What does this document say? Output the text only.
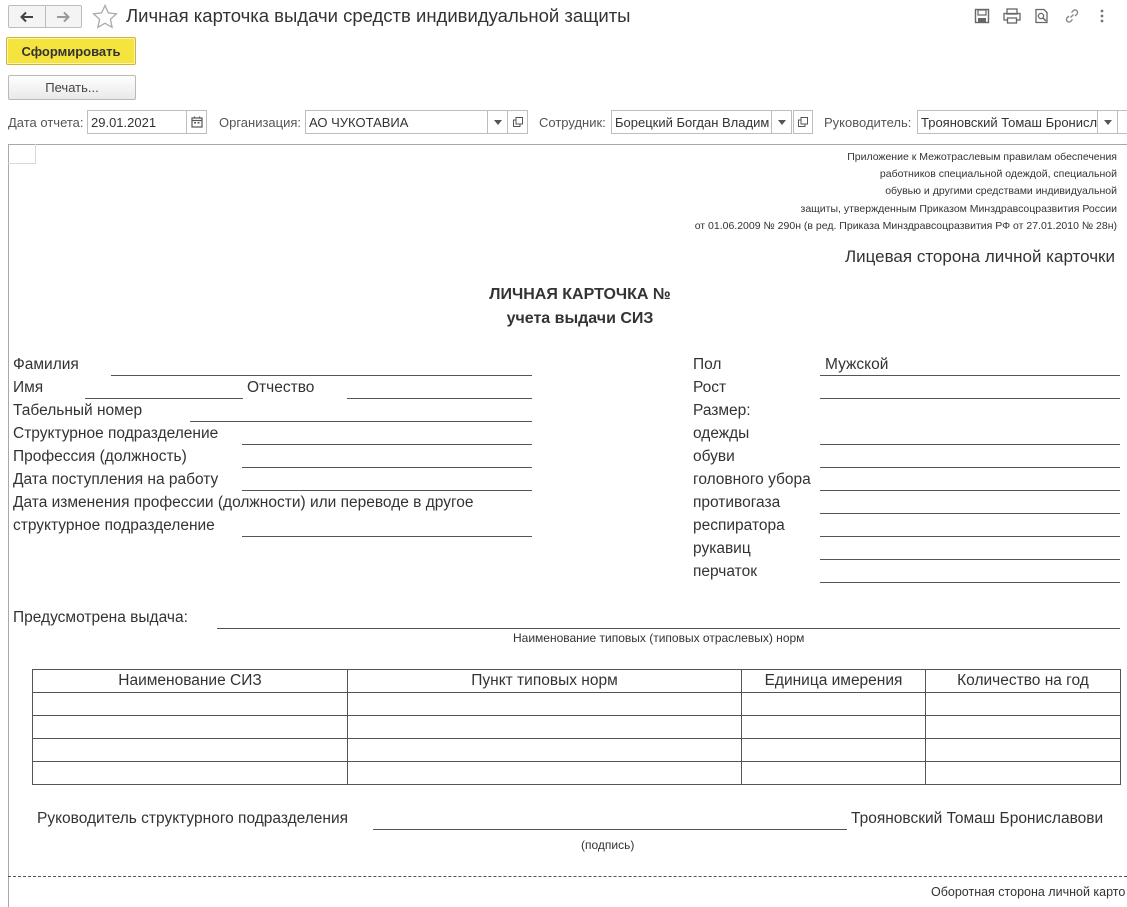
Личная карточка выдачи средств индивидуальной защиты
Сформировать
Печать...
Дата отчета: 29.01.2021	Организация: АО ЧУКОТАВИА	Сотрудник: Борецкий Богдан Владим	Руководитель: Трояновский Томаш Бронисл
Приложение к Межотраслевым правилам обеспечения
работников специальной одеждой, специальной
обувью и другими средствами индивидуальной
защиты, утвержденным Приказом Минздравсоцразвития России
от 01.06.2009 № 290н (в ред. Приказа Минздравсоцразвития РФ от 27.01.2010 № 28н)
Лицевая сторона личной карточки
ЛИЧНАЯ КАРТОЧКА №
учета выдачи СИЗ
Фамилия
Имя	Отчество
Табельный номер
Структурное подразделение
Профессия (должность)
Дата поступления на работу
Дата изменения профессии (должности) или переводе в другое
структурное подразделение
Пол	Мужской
Рост
Размер:
одежды
обуви
головного убора
противогаза
респиратора
рукавиц
перчаток
Предусмотрена выдача:
Наименование типовых (типовых отраслевых) норм
Наименование СИЗ	Пункт типовых норм	Единица имерения	Количество на год

Руководитель структурного подразделения	Трояновский Томаш Брониславови
(подпись)
Оборотная сторона личной карто
